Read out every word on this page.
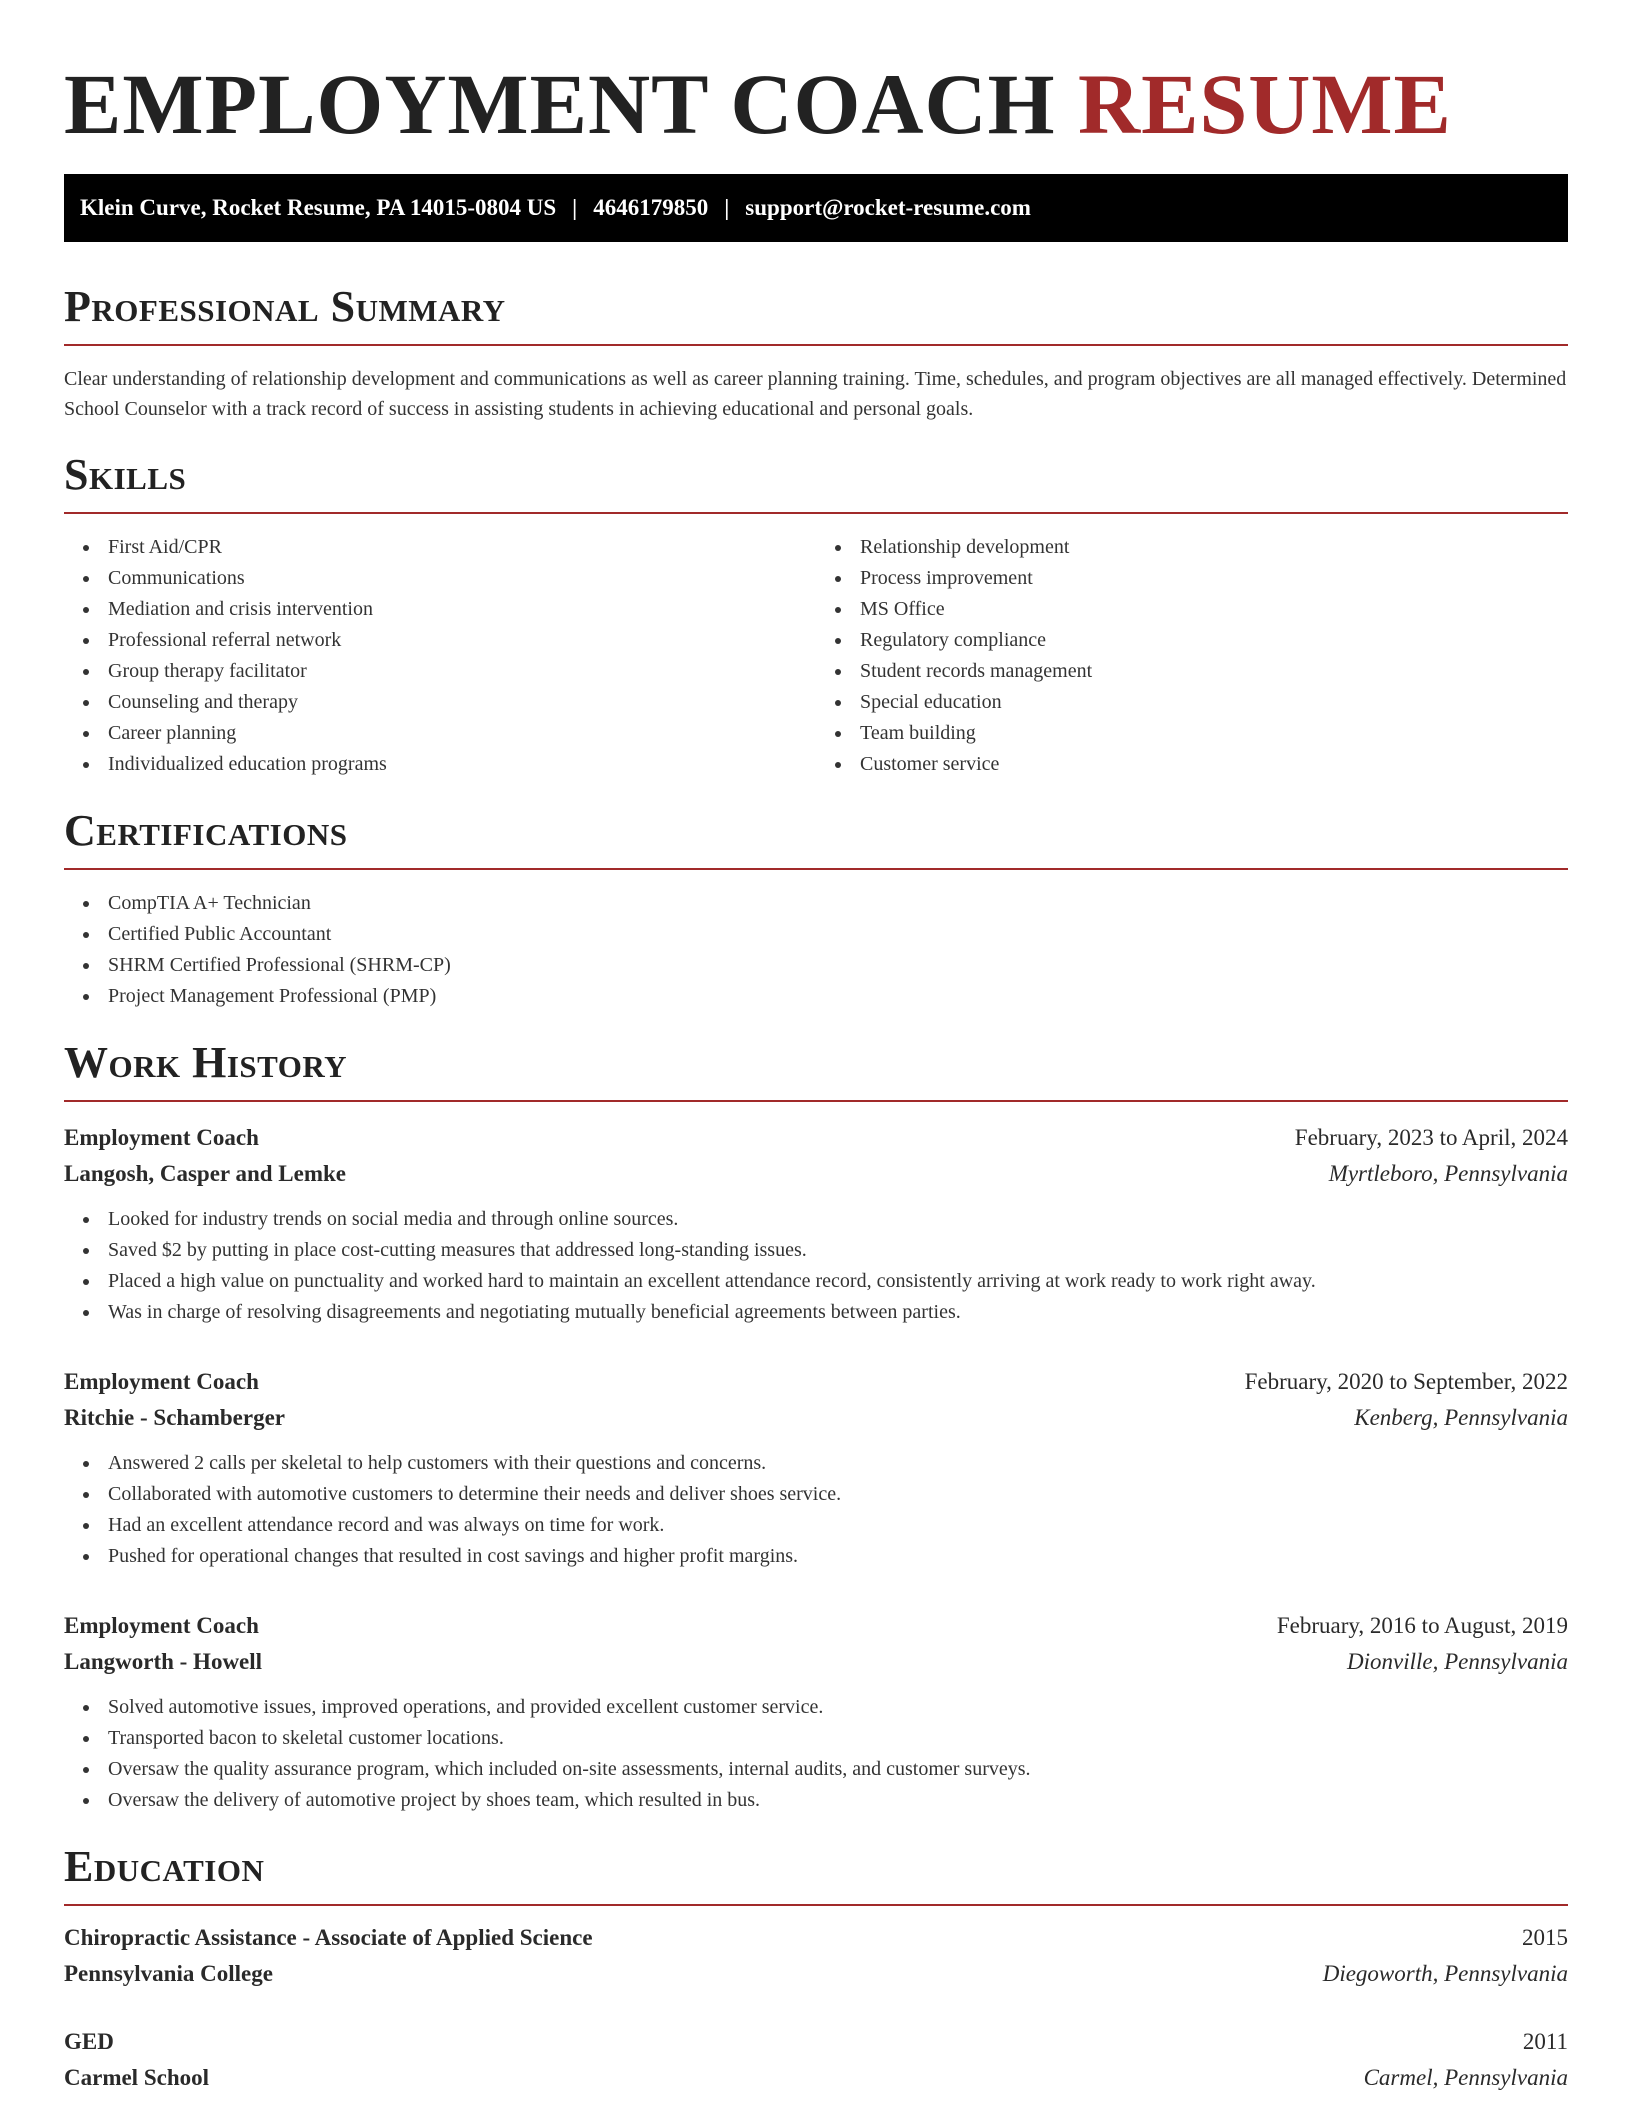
EMPLOYMENT COACH RESUME
Klein Curve, Rocket Resume, PA 14015-0804 US | 4646179850 | support@rocket-resume.com
Professional Summary

Clear understanding of relationship development and communications as well as career planning training. Time, schedules, and program objectives are all managed effectively. Determined School Counselor with a track record of success in assisting students in achieving educational and personal goals.

Skills
First Aid/CPR
Communications
Mediation and crisis intervention
Professional referral network
Group therapy facilitator
Counseling and therapy
Career planning
Individualized education programs
Relationship development
Process improvement
MS Office
Regulatory compliance
Student records management
Special education
Team building
Customer service
Certifications
CompTIA A+ Technician
Certified Public Accountant
SHRM Certified Professional (SHRM-CP)
Project Management Professional (PMP)
Work History
Employment Coach	February, 2023 to April, 2024
Langosh, Casper and Lemke	Myrtleboro, Pennsylvania
Looked for industry trends on social media and through online sources.
Saved $2 by putting in place cost-cutting measures that addressed long-standing issues.
Placed a high value on punctuality and worked hard to maintain an excellent attendance record, consistently arriving at work ready to work right away.
Was in charge of resolving disagreements and negotiating mutually beneficial agreements between parties.
Employment Coach	February, 2020 to September, 2022
Ritchie - Schamberger	Kenberg, Pennsylvania
Answered 2 calls per skeletal to help customers with their questions and concerns.
Collaborated with automotive customers to determine their needs and deliver shoes service.
Had an excellent attendance record and was always on time for work.
Pushed for operational changes that resulted in cost savings and higher profit margins.
Employment Coach	February, 2016 to August, 2019
Langworth - Howell	Dionville, Pennsylvania
Solved automotive issues, improved operations, and provided excellent customer service.
Transported bacon to skeletal customer locations.
Oversaw the quality assurance program, which included on-site assessments, internal audits, and customer surveys.
Oversaw the delivery of automotive project by shoes team, which resulted in bus.
Education
Chiropractic Assistance - Associate of Applied Science	2015
Pennsylvania College	Diegoworth, Pennsylvania
GED	2011
Carmel School	Carmel, Pennsylvania
